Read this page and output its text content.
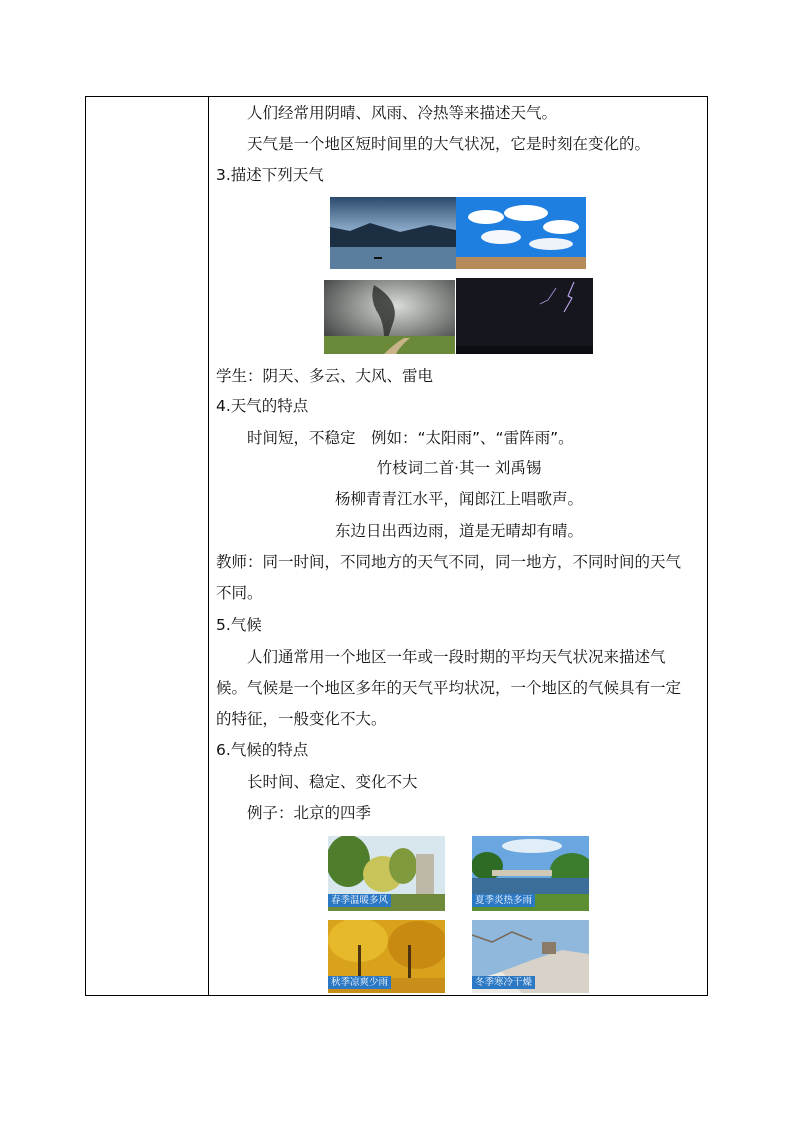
人们经常用阴晴、风雨、冷热等来描述天气。
天气是一个地区短时间里的大气状况，它是时刻在变化的。
3.描述下列天气
学生：阴天、多云、大风、雷电
4.天气的特点
时间短，不稳定　例如：“太阳雨”、“雷阵雨”。
竹枝词二首·其一 刘禹锡
杨柳青青江水平，闻郎江上唱歌声。
东边日出西边雨，道是无晴却有晴。
教师：同一时间，不同地方的天气不同，同一地方，不同时间的天气
不同。
5.气候
人们通常用一个地区一年或一段时期的平均天气状况来描述气
候。气候是一个地区多年的天气平均状况，一个地区的气候具有一定
的特征，一般变化不大。
6.气候的特点
长时间、稳定、变化不大
例子：北京的四季
春季温暖多风	夏季炎热多雨
秋季凉爽少雨	冬季寒冷干燥
